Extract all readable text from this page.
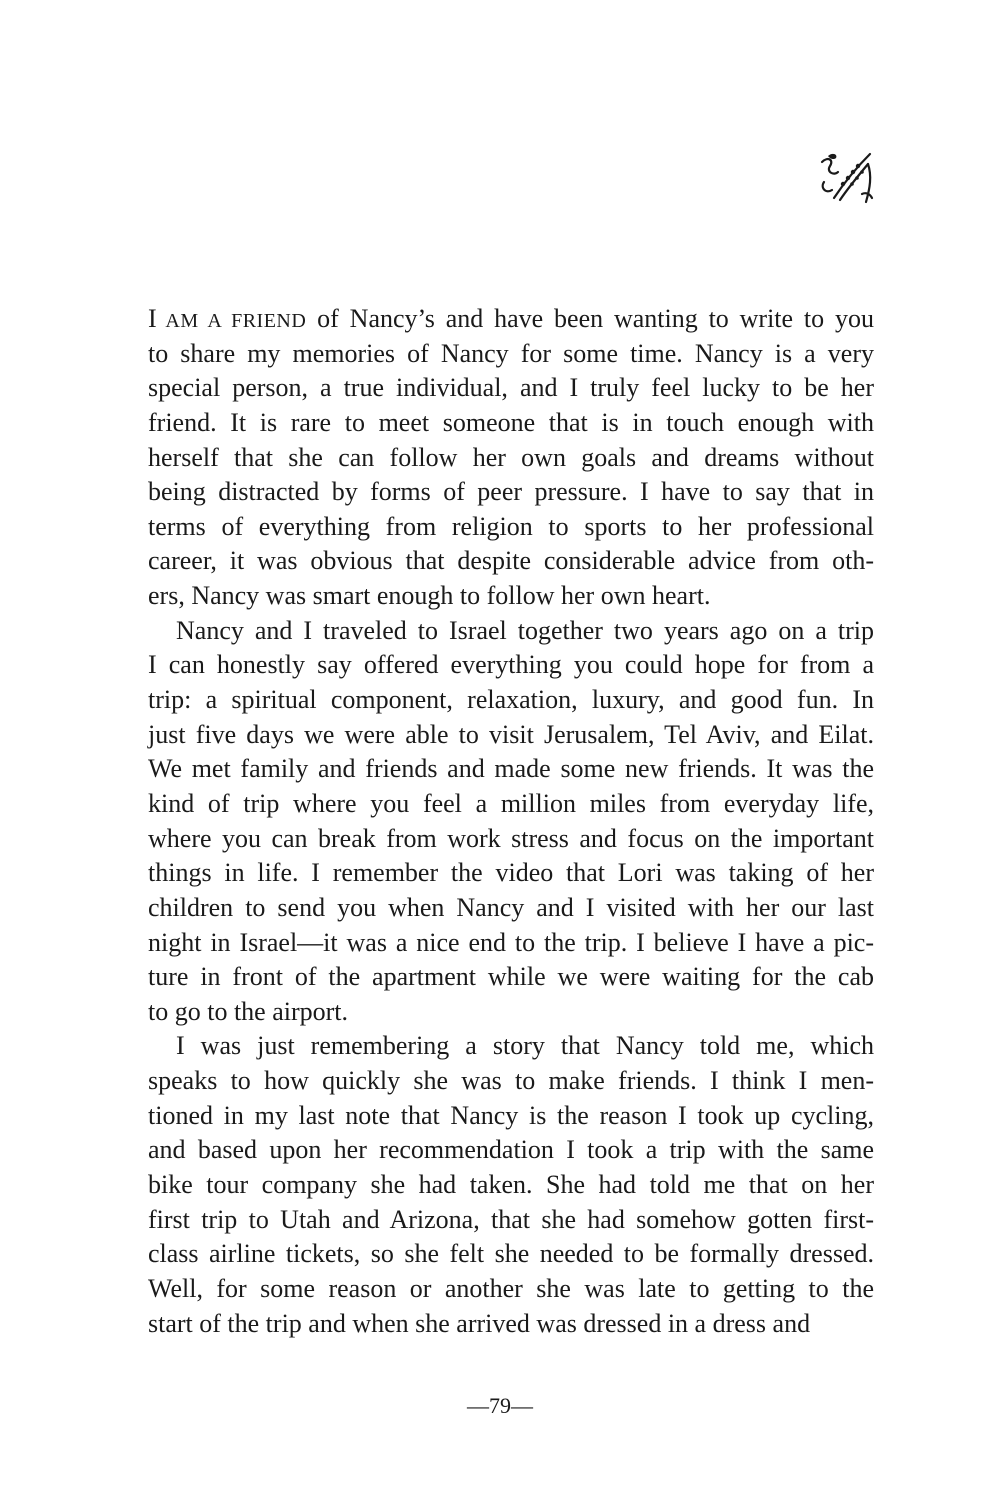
I AM A FRIEND of Nancy’s and have been wanting to write to you
to share my memories of Nancy for some time. Nancy is a very
special person, a true individual, and I truly feel lucky to be her
friend. It is rare to meet someone that is in touch enough with
herself that she can follow her own goals and dreams without
being distracted by forms of peer pressure. I have to say that in
terms of everything from religion to sports to her professional
career, it was obvious that despite considerable advice from oth-
ers, Nancy was smart enough to follow her own heart.
Nancy and I traveled to Israel together two years ago on a trip
I can honestly say offered everything you could hope for from a
trip: a spiritual component, relaxation, luxury, and good fun. In
just five days we were able to visit Jerusalem, Tel Aviv, and Eilat.
We met family and friends and made some new friends. It was the
kind of trip where you feel a million miles from everyday life,
where you can break from work stress and focus on the important
things in life. I remember the video that Lori was taking of her
children to send you when Nancy and I visited with her our last
night in Israel—it was a nice end to the trip. I believe I have a pic-
ture in front of the apartment while we were waiting for the cab
to go to the airport.
I was just remembering a story that Nancy told me, which
speaks to how quickly she was to make friends. I think I men-
tioned in my last note that Nancy is the reason I took up cycling,
and based upon her recommendation I took a trip with the same
bike tour company she had taken. She had told me that on her
first trip to Utah and Arizona, that she had somehow gotten first-
class airline tickets, so she felt she needed to be formally dressed.
Well, for some reason or another she was late to getting to the
start of the trip and when she arrived was dressed in a dress and
—79—
